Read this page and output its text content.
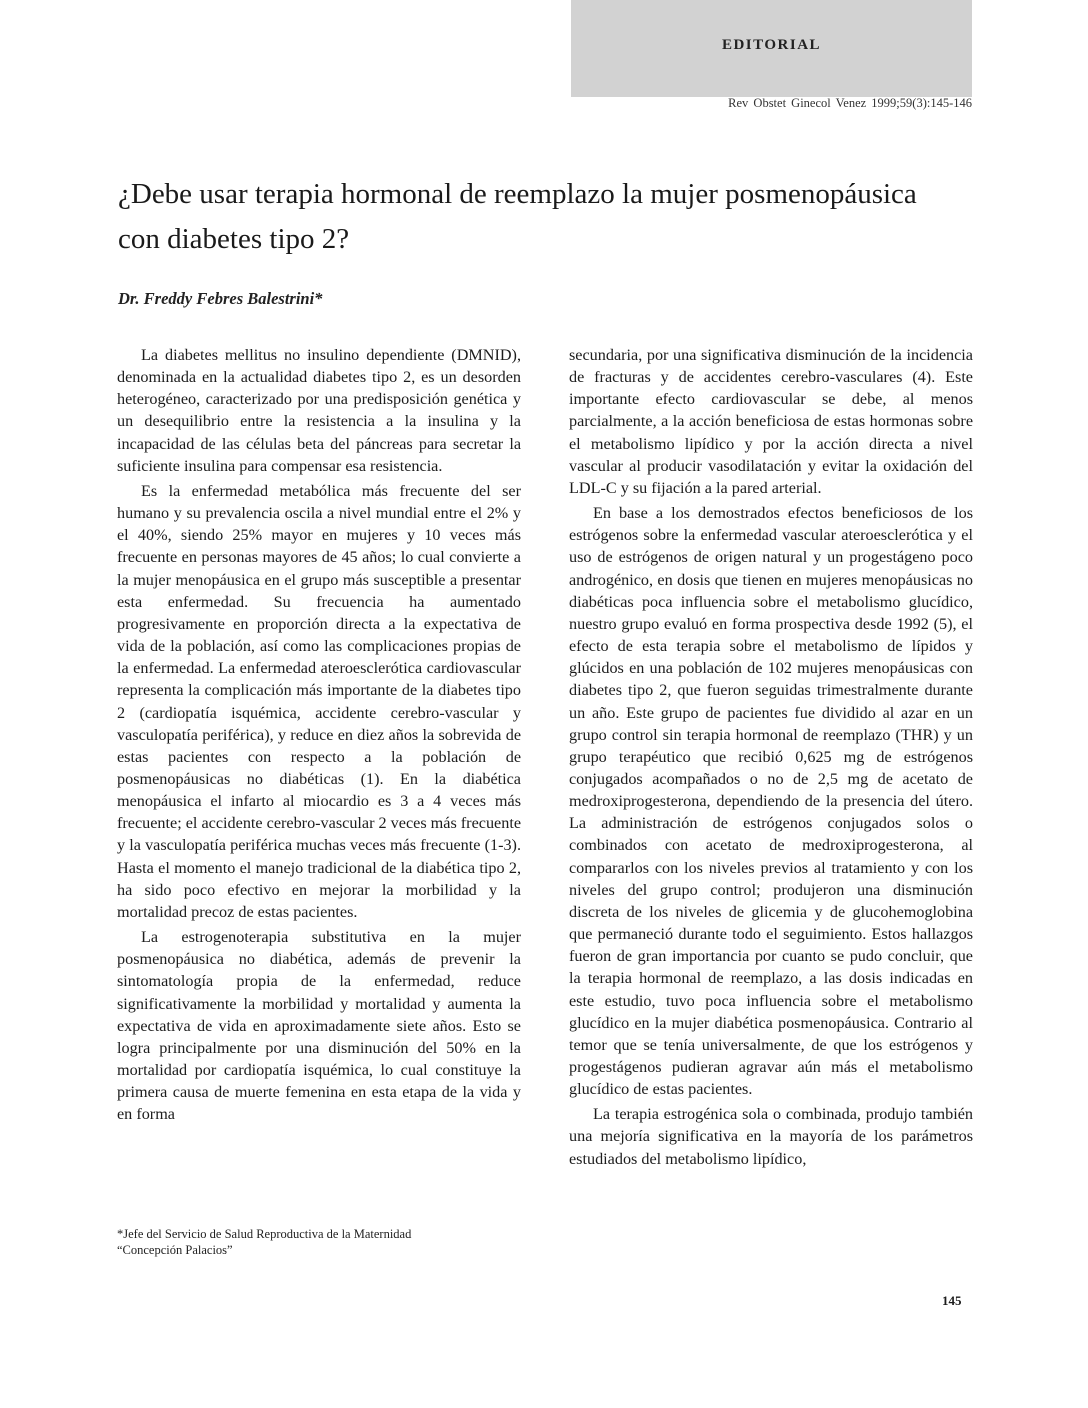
EDITORIAL
Rev Obstet Ginecol Venez 1999;59(3):145-146
¿Debe usar terapia hormonal de reemplazo la mujer posmenopáusica con diabetes tipo 2?
Dr. Freddy Febres Balestrini*

La diabetes mellitus no insulino dependiente (DMNID), denominada en la actualidad diabetes tipo 2, es un desorden heterogéneo, caracterizado por una predisposición genética y un desequilibrio entre la resistencia a la insulina y la incapacidad de las células beta del páncreas para secretar la suficiente insulina para compensar esa resistencia.

Es la enfermedad metabólica más frecuente del ser humano y su prevalencia oscila a nivel mundial entre el 2% y el 40%, siendo 25% mayor en mujeres y 10 veces más frecuente en personas mayores de 45 años; lo cual convierte a la mujer menopáusica en el grupo más susceptible a presentar esta enfermedad. Su frecuencia ha aumentado progresivamente en proporción directa a la expectativa de vida de la población, así como las complicaciones propias de la enfermedad. La enfermedad ateroesclerótica cardiovascular representa la complicación más importante de la diabetes tipo 2 (cardiopatía isquémica, accidente cerebro-vascular y vasculopatía periférica), y reduce en diez años la sobrevida de estas pacientes con respecto a la población de posmenopáusicas no diabéticas (1). En la diabética menopáusica el infarto al miocardio es 3 a 4 veces más frecuente; el accidente cerebro-vascular 2 veces más frecuente y la vasculopatía periférica muchas veces más frecuente (1-3). Hasta el momento el manejo tradicional de la diabética tipo 2, ha sido poco efectivo en mejorar la morbilidad y la mortalidad precoz de estas pacientes.

La estrogenoterapia substitutiva en la mujer posmenopáusica no diabética, además de prevenir la sintomatología propia de la enfermedad, reduce significativamente la morbilidad y mortalidad y aumenta la expectativa de vida en aproximadamente siete años. Esto se logra principalmente por una disminución del 50% en la mortalidad por cardiopatía isquémica, lo cual constituye la primera causa de muerte femenina en esta etapa de la vida y en forma

secundaria, por una significativa disminución de la incidencia de fracturas y de accidentes cerebro-vasculares (4). Este importante efecto cardiovascular se debe, al menos parcialmente, a la acción beneficiosa de estas hormonas sobre el metabolismo lipídico y por la acción directa a nivel vascular al producir vasodilatación y evitar la oxidación del LDL-C y su fijación a la pared arterial.

En base a los demostrados efectos beneficiosos de los estrógenos sobre la enfermedad vascular ateroesclerótica y el uso de estrógenos de origen natural y un progestágeno poco androgénico, en dosis que tienen en mujeres menopáusicas no diabéticas poca influencia sobre el metabolismo glucídico, nuestro grupo evaluó en forma prospectiva desde 1992 (5), el efecto de esta terapia sobre el metabolismo de lípidos y glúcidos en una población de 102 mujeres menopáusicas con diabetes tipo 2, que fueron seguidas trimestralmente durante un año. Este grupo de pacientes fue dividido al azar en un grupo control sin terapia hormonal de reemplazo (THR) y un grupo terapéutico que recibió 0,625 mg de estrógenos conjugados acompañados o no de 2,5 mg de acetato de medroxiprogesterona, dependiendo de la presencia del útero. La administración de estrógenos conjugados solos o combinados con acetato de medroxiprogesterona, al compararlos con los niveles previos al tratamiento y con los niveles del grupo control; produjeron una disminución discreta de los niveles de glicemia y de glucohemoglobina que permaneció durante todo el seguimiento. Estos hallazgos fueron de gran importancia por cuanto se pudo concluir, que la terapia hormonal de reemplazo, a las dosis indicadas en este estudio, tuvo poca influencia sobre el metabolismo glucídico en la mujer diabética posmenopáusica. Contrario al temor que se tenía universalmente, de que los estrógenos y progestágenos pudieran agravar aún más el metabolismo glucídico de estas pacientes.

La terapia estrogénica sola o combinada, produjo también una mejoría significativa en la mayoría de los parámetros estudiados del metabolismo lipídico,

*Jefe del Servicio de Salud Reproductiva de la Maternidad
“Concepción Palacios”
145
